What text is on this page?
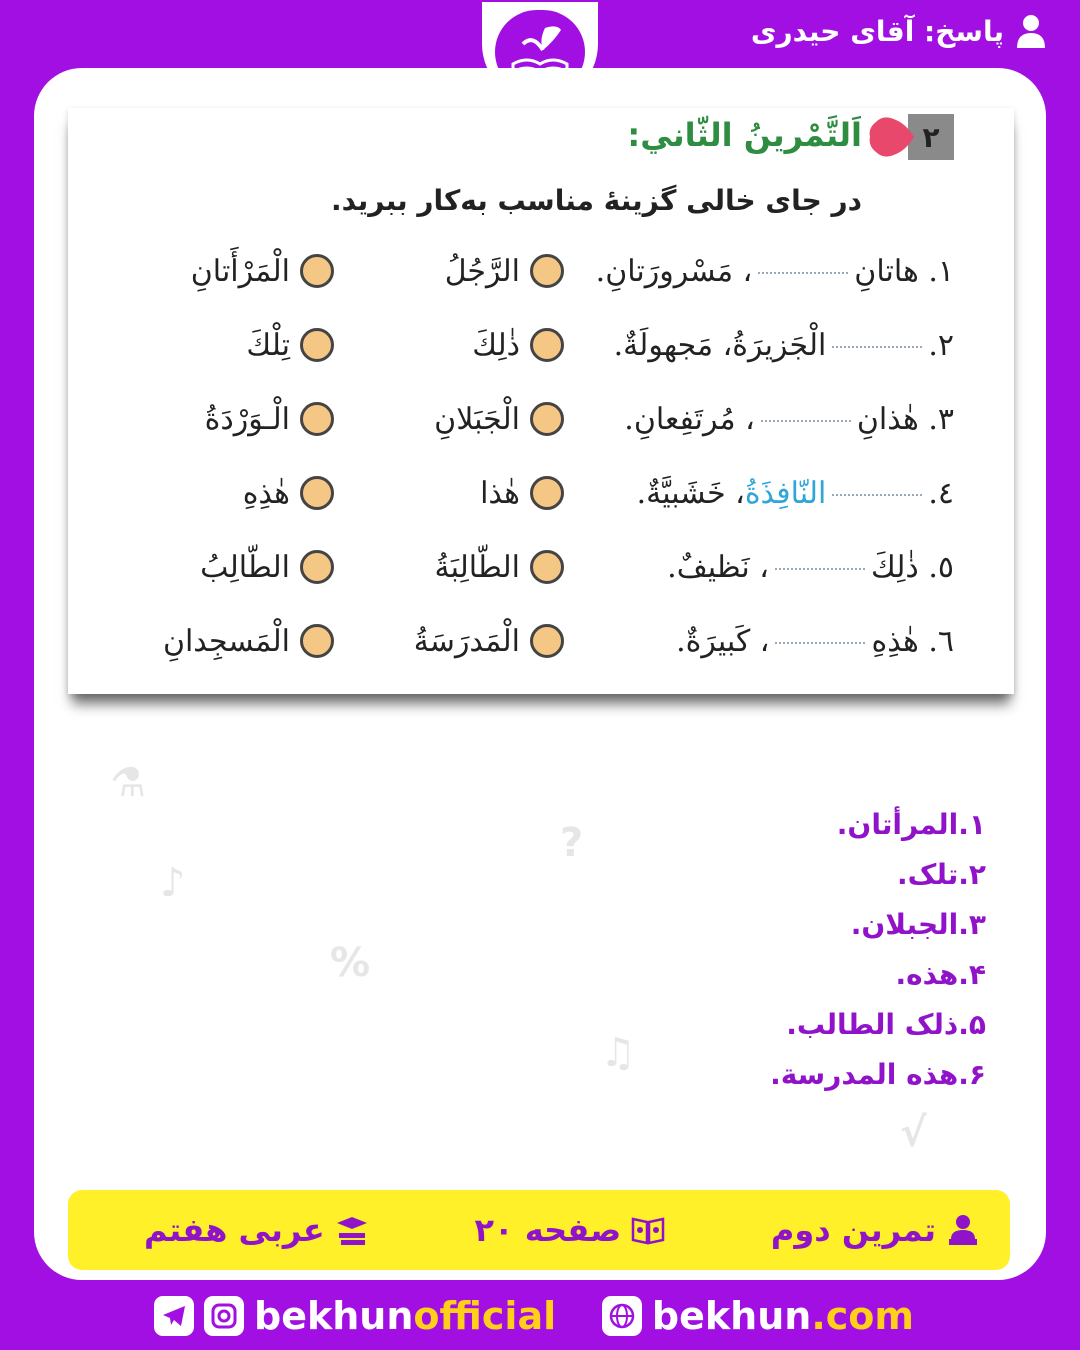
پاسخ: آقای حیدری
⚗
♪
%
♫
?
√
۲
اَلتَّمْرينُ الثّاني:
در جای خالی گزینهٔ مناسب به‌کار ببرید.
۱. هاتانِ، مَسْرورَتانِ.
الرَّجُلُ
الْمَرْأَتانِ
۲.الْجَزيرَةُ، مَجهولَةٌ.
ذٰلِكَ
تِلْكَ
۳. هٰذانِ، مُرتَفِعانِ.
الْجَبَلانِ
الْـوَرْدَةُ
٤.النّافِذَةُ، خَشَبيَّةٌ.
هٰذا
هٰذِهِ
٥. ذٰلِكَ، نَظيفٌ.
الطّالِبَةُ
الطّالِبُ
٦. هٰذِهِ، كَبيرَةٌ.
الْمَدرَسَةُ
الْمَسجِدانِ
۱.المرأتان.
۲.تلک.
۳.الجبلان.
۴.هذه.
۵.ذلک الطالب.
۶.هذه المدرسة.
تمرین دوم
صفحه ۲۰
عربی هفتم
bekhunofficial	bekhun.com
